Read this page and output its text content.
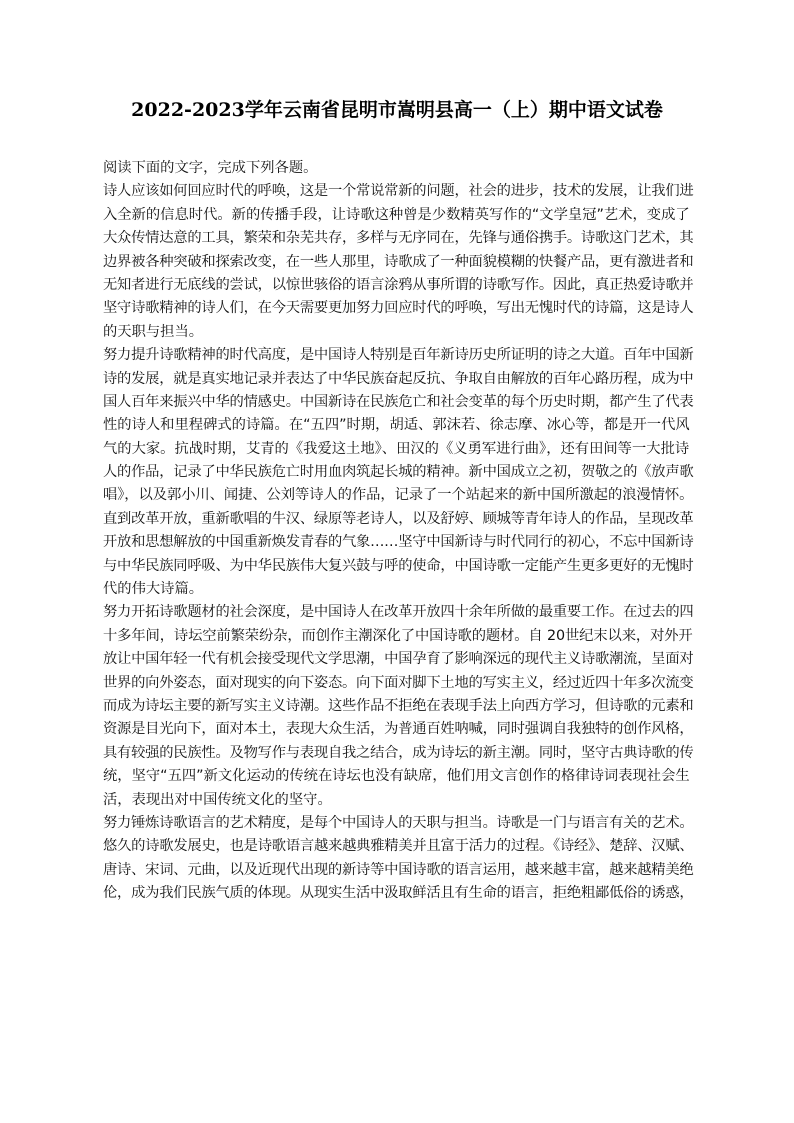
2022-2023学年云南省昆明市嵩明县高一（上）期中语文试卷
阅读下面的文字，完成下列各题。
诗人应该如何回应时代的呼唤，这是一个常说常新的问题，社会的进步，技术的发展，让我们进
入全新的信息时代。新的传播手段，让诗歌这种曾是少数精英写作的“文学皇冠”艺术，变成了
大众传情达意的工具，繁荣和杂芜共存，多样与无序同在，先锋与通俗携手。诗歌这门艺术，其
边界被各种突破和探索改变，在一些人那里，诗歌成了一种面貌模糊的快餐产品，更有激进者和
无知者进行无底线的尝试，以惊世骇俗的语言涂鸦从事所谓的诗歌写作。因此，真正热爱诗歌并
坚守诗歌精神的诗人们，在今天需要更加努力回应时代的呼唤，写出无愧时代的诗篇，这是诗人
的天职与担当。
努力提升诗歌精神的时代高度，是中国诗人特别是百年新诗历史所证明的诗之大道。百年中国新
诗的发展，就是真实地记录并表达了中华民族奋起反抗、争取自由解放的百年心路历程，成为中
国人百年来振兴中华的情感史。中国新诗在民族危亡和社会变革的每个历史时期，都产生了代表
性的诗人和里程碑式的诗篇。在“五四”时期，胡适、郭沫若、徐志摩、冰心等，都是开一代风
气的大家。抗战时期，艾青的《我爱这土地》、田汉的《义勇军进行曲》，还有田间等一大批诗
人的作品，记录了中华民族危亡时用血肉筑起长城的精神。新中国成立之初，贺敬之的《放声歌
唱》，以及郭小川、闻捷、公刘等诗人的作品，记录了一个站起来的新中国所激起的浪漫情怀。
直到改革开放，重新歌唱的牛汉、绿原等老诗人，以及舒婷、顾城等青年诗人的作品，呈现改革
开放和思想解放的中国重新焕发青春的气象……坚守中国新诗与时代同行的初心，不忘中国新诗
与中华民族同呼吸、为中华民族伟大复兴鼓与呼的使命，中国诗歌一定能产生更多更好的无愧时
代的伟大诗篇。
努力开拓诗歌题材的社会深度，是中国诗人在改革开放四十余年所做的最重要工作。在过去的四
十多年间，诗坛空前繁荣纷杂，而创作主潮深化了中国诗歌的题材。自 20世纪末以来，对外开
放让中国年轻一代有机会接受现代文学思潮，中国孕育了影响深远的现代主义诗歌潮流，呈面对
世界的向外姿态，面对现实的向下姿态。向下面对脚下土地的写实主义，经过近四十年多次流变
而成为诗坛主要的新写实主义诗潮。这些作品不拒绝在表现手法上向西方学习，但诗歌的元素和
资源是目光向下，面对本土，表现大众生活，为普通百姓呐喊，同时强调自我独特的创作风格，
具有较强的民族性。及物写作与表现自我之结合，成为诗坛的新主潮。同时，坚守古典诗歌的传
统，坚守“五四”新文化运动的传统在诗坛也没有缺席，他们用文言创作的格律诗词表现社会生
活，表现出对中国传统文化的坚守。
努力锤炼诗歌语言的艺术精度，是每个中国诗人的天职与担当。诗歌是一门与语言有关的艺术。
悠久的诗歌发展史，也是诗歌语言越来越典雅精美并且富于活力的过程。《诗经》、楚辞、汉赋、
唐诗、宋词、元曲，以及近现代出现的新诗等中国诗歌的语言运用，越来越丰富，越来越精美绝
伦，成为我们民族气质的体现。从现实生活中汲取鲜活且有生命的语言，拒绝粗鄙低俗的诱惑，
